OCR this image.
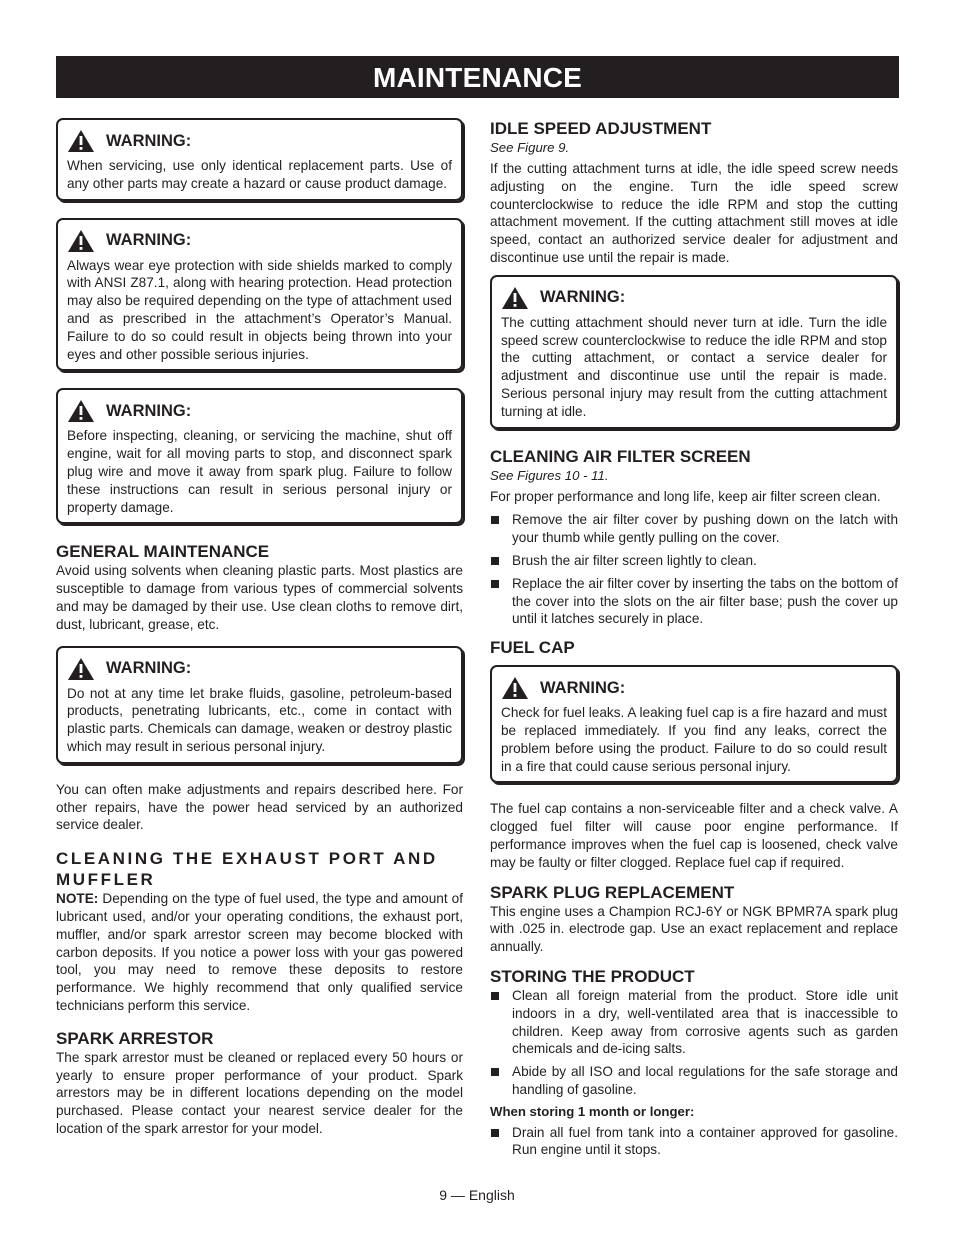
MAINTENANCE
WARNING:

When servicing, use only identical replacement parts. Use of any other parts may create a hazard or cause product damage.

WARNING:

Always wear eye protection with side shields marked to comply with ANSI Z87.1, along with hearing protection. Head protection may also be required depending on the type of attachment used and as prescribed in the attachment’s Operator’s Manual. Failure to do so could result in objects being thrown into your eyes and other possible serious injuries.

WARNING:

Before inspecting, cleaning, or servicing the machine, shut off engine, wait for all moving parts to stop, and disconnect spark plug wire and move it away from spark plug. Failure to follow these instructions can result in serious personal injury or property damage.

GENERAL MAINTENANCE

Avoid using solvents when cleaning plastic parts. Most plastics are susceptible to damage from various types of commercial solvents and may be damaged by their use. Use clean cloths to remove dirt, dust, lubricant, grease, etc.

WARNING:

Do not at any time let brake fluids, gasoline, petroleum-based products, penetrating lubricants, etc., come in contact with plastic parts. Chemicals can damage, weaken or destroy plastic which may result in serious personal injury.

You can often make adjustments and repairs described here. For other repairs, have the power head serviced by an authorized service dealer.

CLEANING THE EXHAUST PORT AND MUFFLER

NOTE: Depending on the type of fuel used, the type and amount of lubricant used, and/or your operating conditions, the exhaust port, muffler, and/or spark arrestor screen may become blocked with carbon deposits. If you notice a power loss with your gas powered tool, you may need to remove these deposits to restore performance. We highly recommend that only qualified service technicians perform this service.

SPARK ARRESTOR

The spark arrestor must be cleaned or replaced every 50 hours or yearly to ensure proper performance of your product. Spark arrestors may be in different locations depending on the model purchased. Please contact your nearest service dealer for the location of the spark arrestor for your model.

IDLE SPEED ADJUSTMENT
See Figure 9.

If the cutting attachment turns at idle, the idle speed screw needs adjusting on the engine. Turn the idle speed screw counterclockwise to reduce the idle RPM and stop the cutting attachment movement. If the cutting attachment still moves at idle speed, contact an authorized service dealer for adjustment and discontinue use until the repair is made.

WARNING:

The cutting attachment should never turn at idle. Turn the idle speed screw counterclockwise to reduce the idle RPM and stop the cutting attachment, or contact a service dealer for adjustment and discontinue use until the repair is made. Serious personal injury may result from the cutting attachment turning at idle.

CLEANING AIR FILTER SCREEN
See Figures 10 - 11.

For proper performance and long life, keep air filter screen clean.

Remove the air filter cover by pushing down on the latch with your thumb while gently pulling on the cover.
Brush the air filter screen lightly to clean.
Replace the air filter cover by inserting the tabs on the bottom of the cover into the slots on the air filter base; push the cover up until it latches securely in place.
FUEL CAP
WARNING:

Check for fuel leaks. A leaking fuel cap is a fire hazard and must be replaced immediately. If you find any leaks, correct the problem before using the product. Failure to do so could result in a fire that could cause serious personal injury.

The fuel cap contains a non-serviceable filter and a check valve. A clogged fuel filter will cause poor engine performance. If performance improves when the fuel cap is loosened, check valve may be faulty or filter clogged. Replace fuel cap if required.

SPARK PLUG REPLACEMENT

This engine uses a Champion RCJ-6Y or NGK BPMR7A spark plug with .025 in. electrode gap. Use an exact replacement and replace annually.

STORING THE PRODUCT
Clean all foreign material from the product. Store idle unit indoors in a dry, well-ventilated area that is inaccessible to children. Keep away from corrosive agents such as garden chemicals and de-icing salts.
Abide by all ISO and local regulations for the safe storage and handling of gasoline.
When storing 1 month or longer:
Drain all fuel from tank into a container approved for gasoline. Run engine until it stops.
9 — English
